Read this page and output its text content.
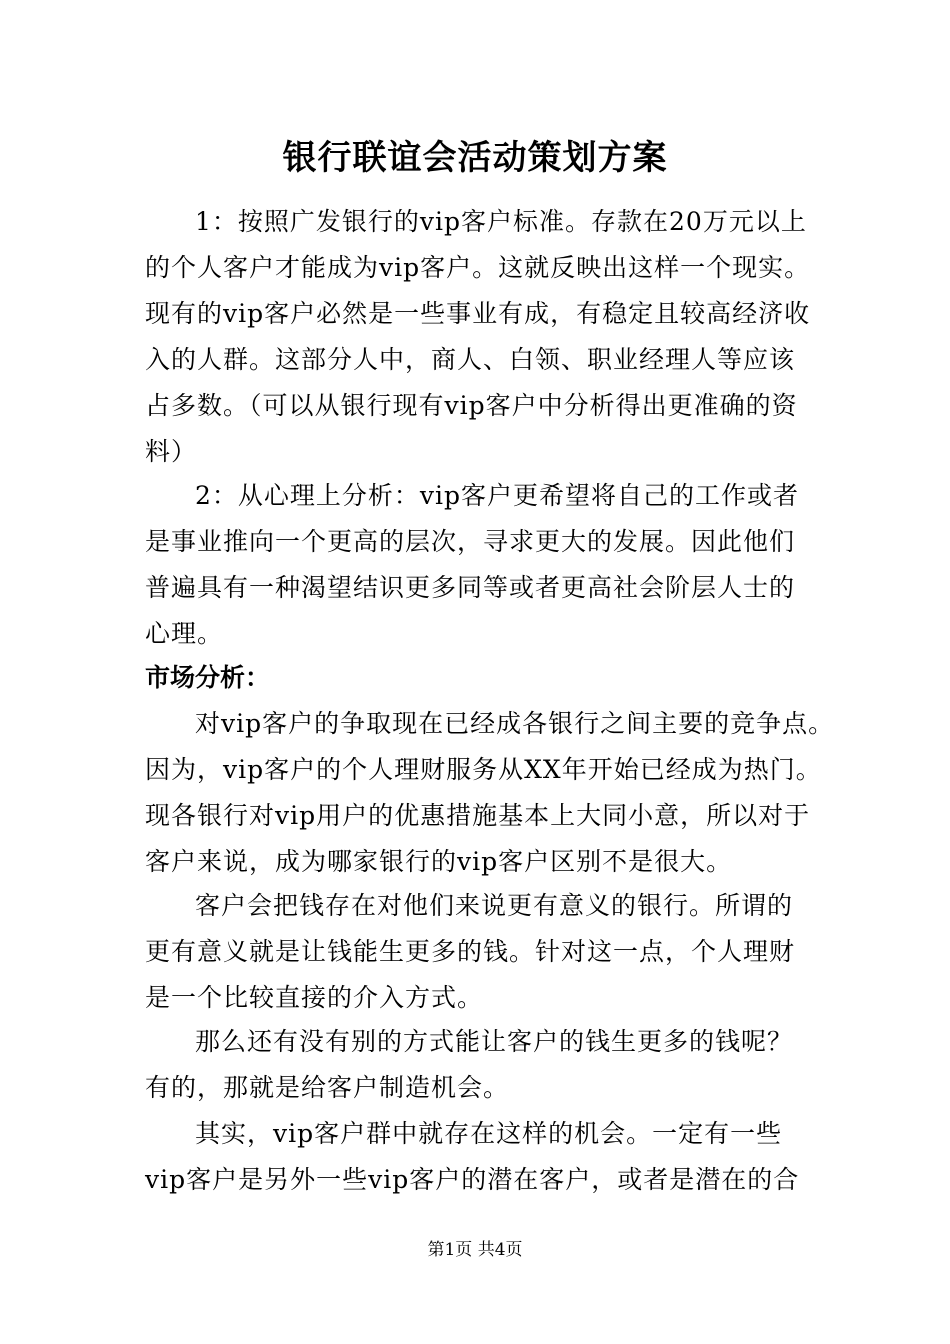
银行联谊会活动策划方案
1：按照广发银行的vip客户标准。存款在20万元以上
的个人客户才能成为vip客户。这就反映出这样一个现实。
现有的vip客户必然是一些事业有成，有稳定且较高经济收
入的人群。这部分人中，商人、白领、职业经理人等应该
占多数。（可以从银行现有vip客户中分析得出更准确的资
料）
2：从心理上分析：vip客户更希望将自己的工作或者
是事业推向一个更高的层次，寻求更大的发展。因此他们
普遍具有一种渴望结识更多同等或者更高社会阶层人士的
心理。
市场分析：
对vip客户的争取现在已经成各银行之间主要的竞争点。
因为，vip客户的个人理财服务从XX年开始已经成为热门。
现各银行对vip用户的优惠措施基本上大同小意，所以对于
客户来说，成为哪家银行的vip客户区别不是很大。
客户会把钱存在对他们来说更有意义的银行。所谓的
更有意义就是让钱能生更多的钱。针对这一点，个人理财
是一个比较直接的介入方式。
那么还有没有别的方式能让客户的钱生更多的钱呢？
有的，那就是给客户制造机会。
其实，vip客户群中就存在这样的机会。一定有一些
vip客户是另外一些vip客户的潜在客户，或者是潜在的合
第1页 共4页
